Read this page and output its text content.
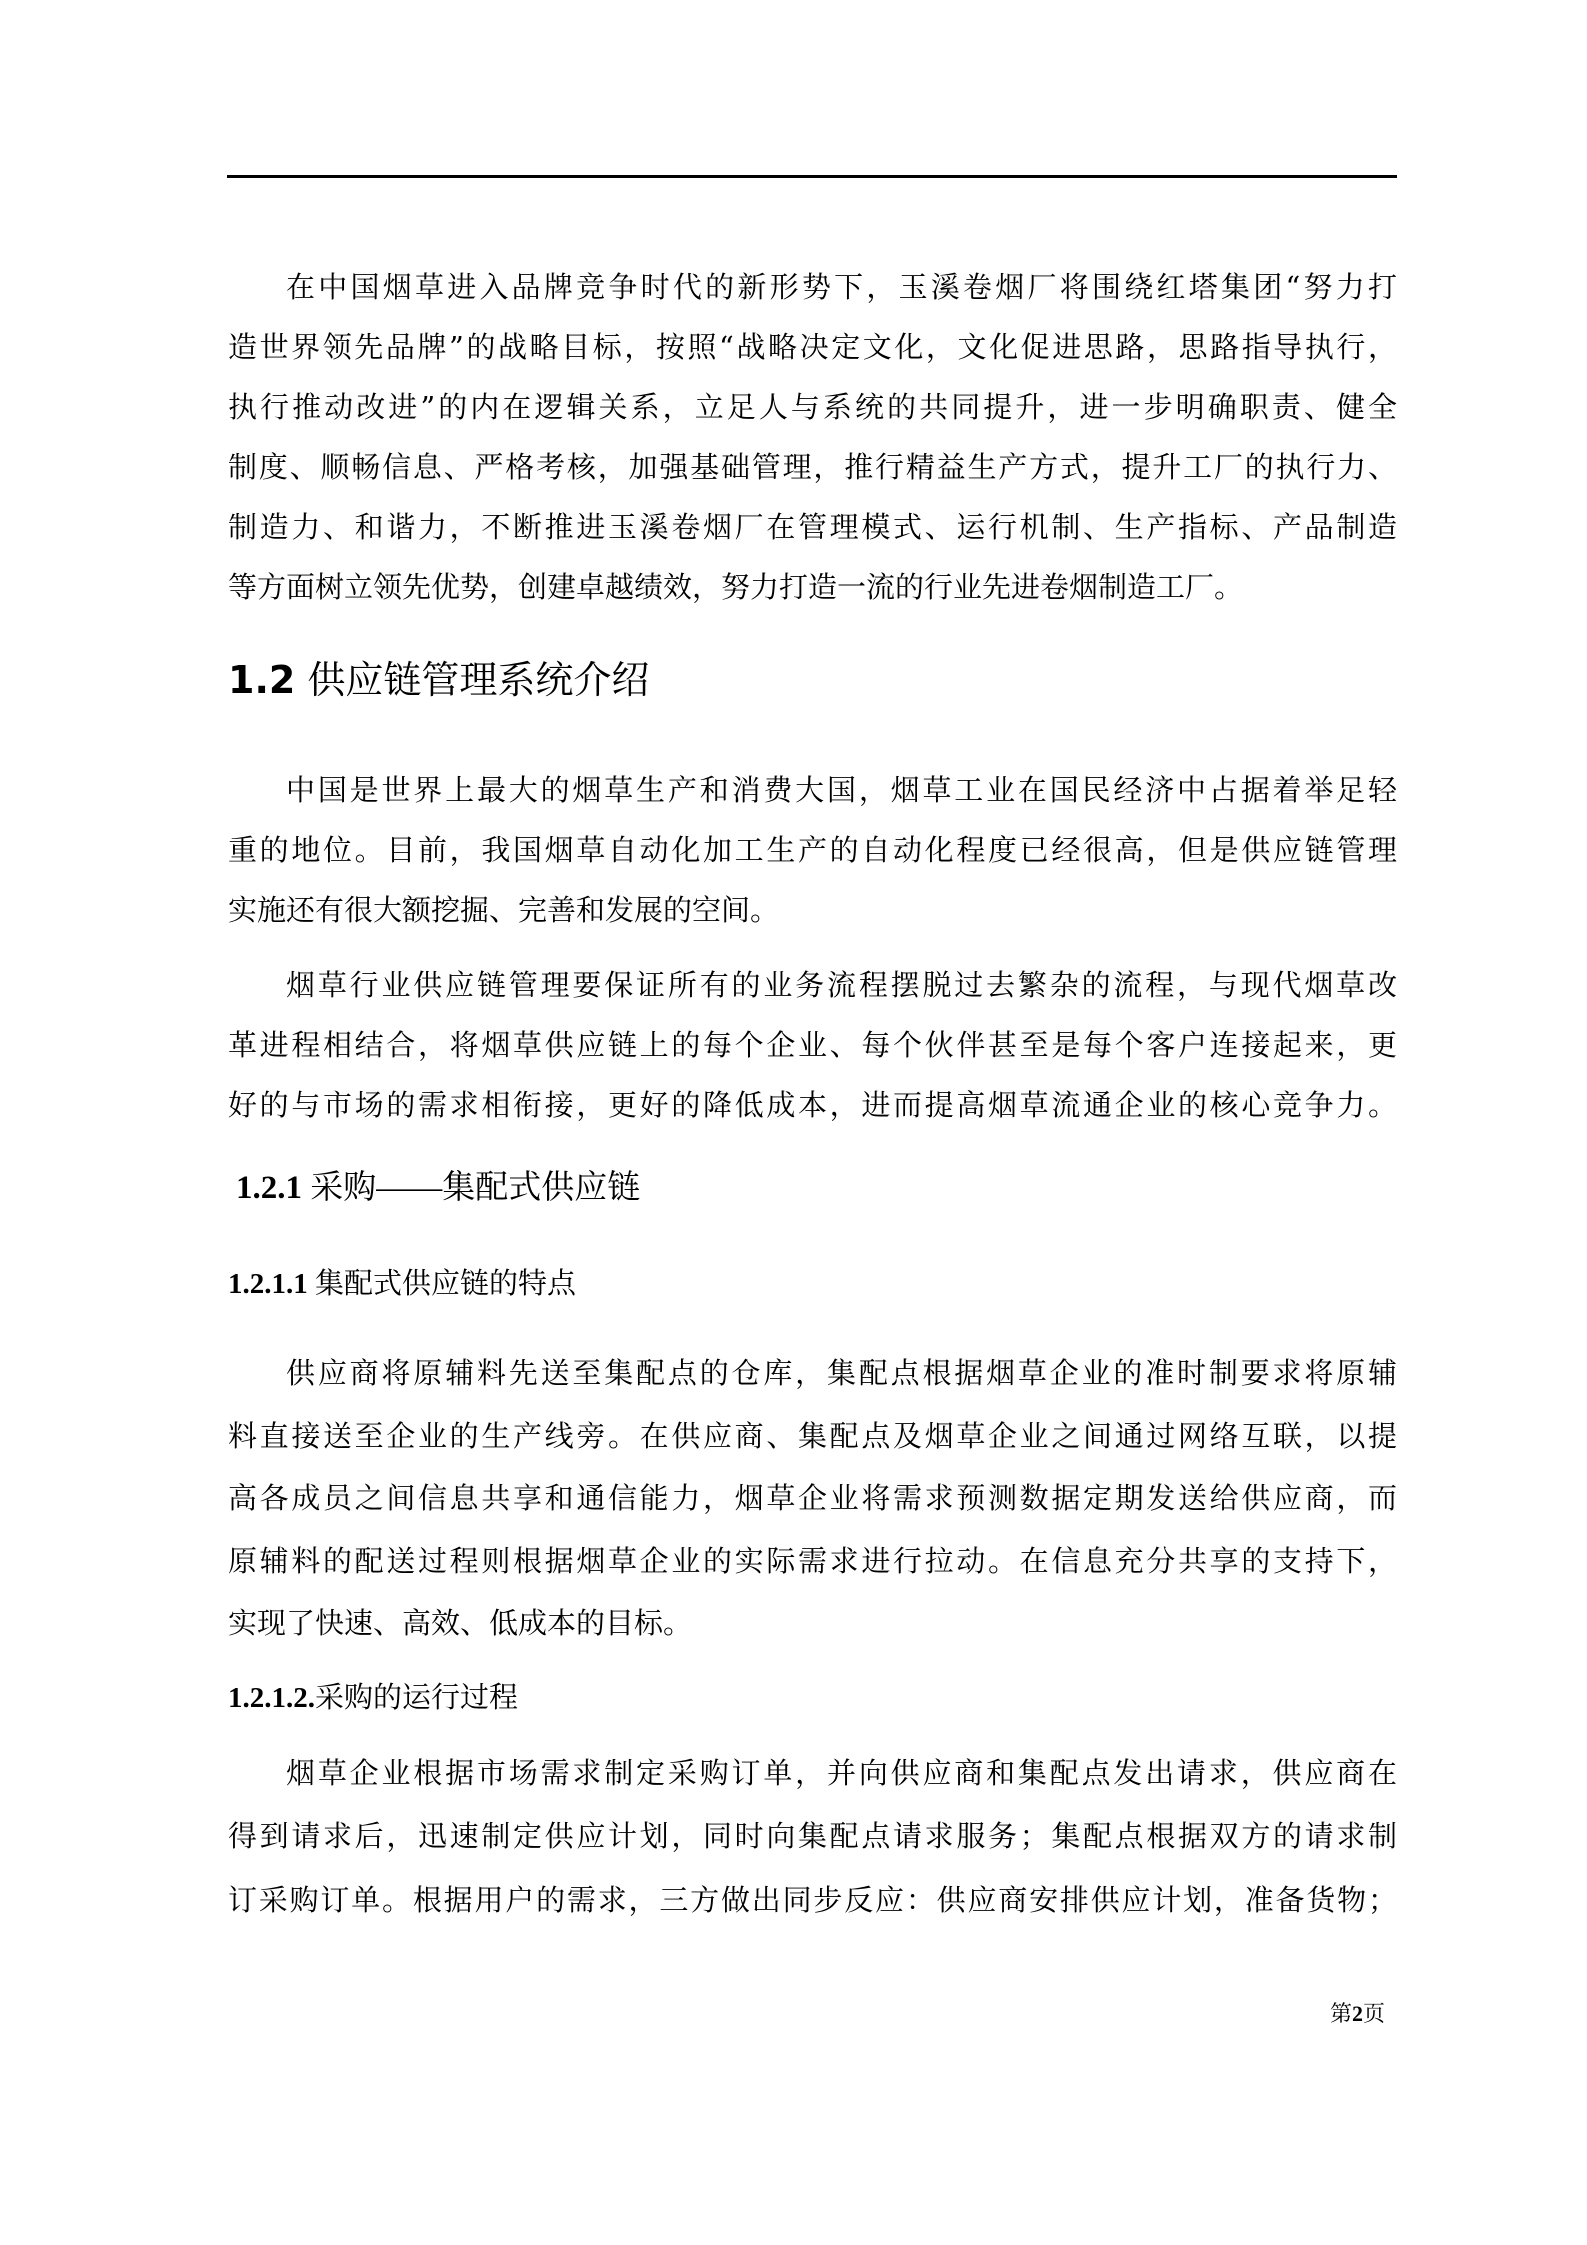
在中国烟草进入品牌竞争时代的新形势下，玉溪卷烟厂将围绕红塔集团“努力打
造世界领先品牌”的战略目标，按照“战略决定文化，文化促进思路，思路指导执行，
执行推动改进”的内在逻辑关系，立足人与系统的共同提升，进一步明确职责、健全
制度、顺畅信息、严格考核，加强基础管理，推行精益生产方式，提升工厂的执行力、
制造力、和谐力，不断推进玉溪卷烟厂在管理模式、运行机制、生产指标、产品制造
等方面树立领先优势，创建卓越绩效，努力打造一流的行业先进卷烟制造工厂。
1.2 供应链管理系统介绍
中国是世界上最大的烟草生产和消费大国，烟草工业在国民经济中占据着举足轻
重的地位。目前，我国烟草自动化加工生产的自动化程度已经很高，但是供应链管理
实施还有很大额挖掘、完善和发展的空间。
烟草行业供应链管理要保证所有的业务流程摆脱过去繁杂的流程，与现代烟草改
革进程相结合，将烟草供应链上的每个企业、每个伙伴甚至是每个客户连接起来，更
好的与市场的需求相衔接，更好的降低成本，进而提高烟草流通企业的核心竞争力。
1.2.1 采购——集配式供应链
1.2.1.1 集配式供应链的特点
供应商将原辅料先送至集配点的仓库，集配点根据烟草企业的准时制要求将原辅
料直接送至企业的生产线旁。在供应商、集配点及烟草企业之间通过网络互联，以提
高各成员之间信息共享和通信能力，烟草企业将需求预测数据定期发送给供应商，而
原辅料的配送过程则根据烟草企业的实际需求进行拉动。在信息充分共享的支持下，
实现了快速、高效、低成本的目标。
1.2.1.2.采购的运行过程
烟草企业根据市场需求制定采购订单，并向供应商和集配点发出请求，供应商在
得到请求后，迅速制定供应计划，同时向集配点请求服务；集配点根据双方的请求制
订采购订单。根据用户的需求，三方做出同步反应：供应商安排供应计划，准备货物；
第2页
